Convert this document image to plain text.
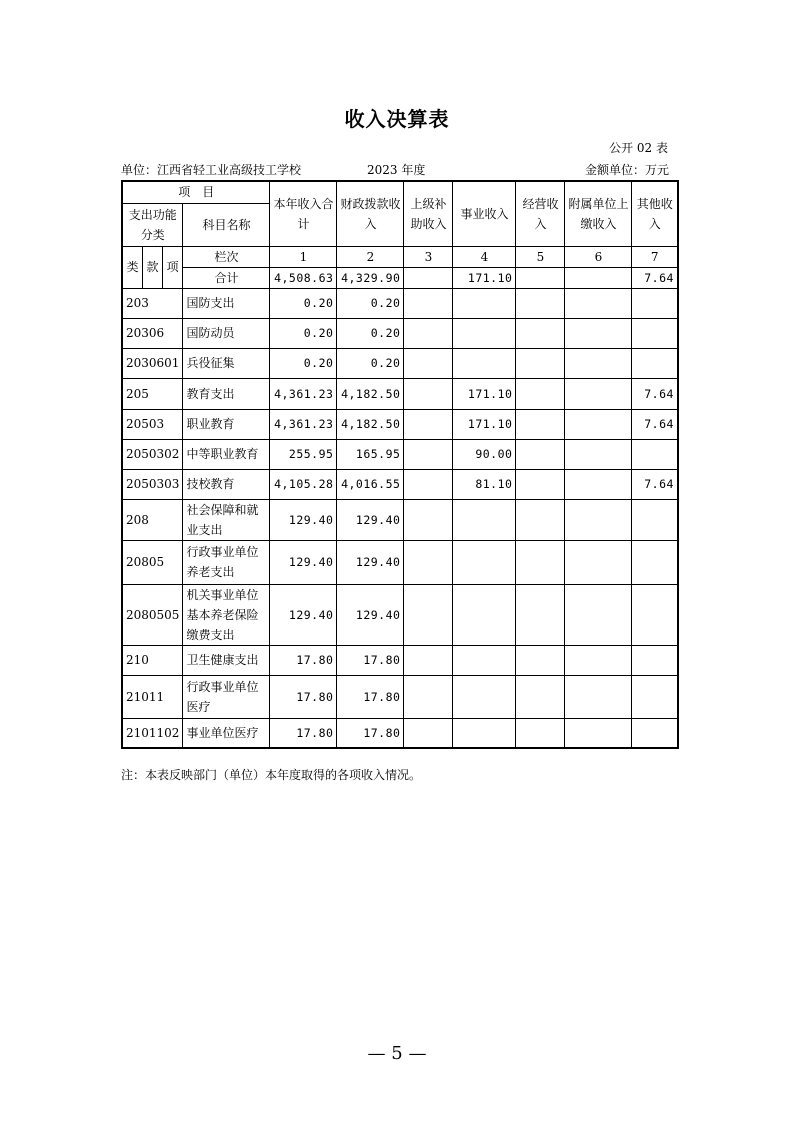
收入决算表
公开 02 表
单位：江西省轻工业高级技工学校	2023 年度	金额单位：万元
项　目				本年收入合计	财政拨款收入	上级补助收入	事业收入	经营收入	附属单位上缴收入	其他收入
支出功能分类			科目名称							

类	款	项	栏次	1	2	3	4	5	6	7
			合计	4,508.63	4,329.90		171.10			7.64
203			国防支出	0.20	0.20					
20306			国防动员	0.20	0.20					
2030601			兵役征集	0.20	0.20					
205			教育支出	4,361.23	4,182.50		171.10			7.64
20503			职业教育	4,361.23	4,182.50		171.10			7.64
2050302			中等职业教育	255.95	165.95		90.00			
2050303			技校教育	4,105.28	4,016.55		81.10			7.64
208			社会保障和就业支出	129.40	129.40					
20805			行政事业单位养老支出	129.40	129.40					
2080505			机关事业单位基本养老保险缴费支出	129.40	129.40					
210			卫生健康支出	17.80	17.80					
21011			行政事业单位医疗	17.80	17.80					
2101102			事业单位医疗	17.80	17.80					
注：本表反映部门（单位）本年度取得的各项收入情况。
— 5 —
